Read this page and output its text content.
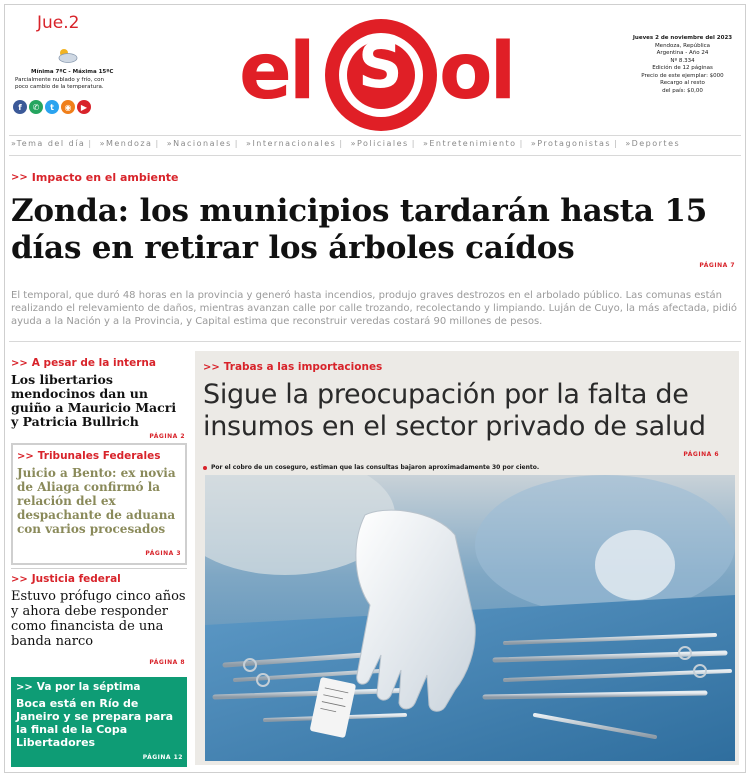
Jue.2
Mínima 7ºC - Máxima 15ºC
Parcialmente nublado y frío, con poco cambio de la temperatura.
f	✆	t	◉	▶ el S ol	Jueves 2 de noviembre del 2023
Mendoza, República
Argentina - Año 24
Nº 8.334
Edición de 12 páginas
Precio de este ejemplar: $000
Recargo al resto
del país: $0,00
»Tema del día | »Mendoza | »Nacionales | »Internacionales | »Policiales | »Entretenimiento | »Protagonistas | »Deportes
>> Impacto en el ambiente
Zonda: los municipios tardarán hasta 15 días en retirar los árboles caídos	PÁGINA 7

El temporal, que duró 48 horas en la provincia y generó hasta incendios, produjo graves destrozos en el arbolado público. Las comunas están realizando el relevamiento de daños, mientras avanzan calle por calle trozando, recolectando y limpiando. Luján de Cuyo, la más afectada, pidió ayuda a la Nación y a la Provincia, y Capital estima que reconstruir veredas costará 90 millones de pesos.

>> A pesar de la interna
Los libertarios mendocinos dan un guiño a Mauricio Macri y Patricia Bullrich
PÁGINA 2
>> Tribunales Federales
Juicio a Bento: ex novia de Aliaga confirmó la relación del ex despachante de aduana con varios procesados
PÁGINA 3
>> Justicia federal
Estuvo prófugo cinco años y ahora debe responder como financista de una banda narco
PÁGINA 8
>> Va por la séptima
Boca está en Río de Janeiro y se prepara para la final de la Copa Libertadores
PÁGINA 12
>> Trabas a las importaciones
Sigue la preocupación por la falta de insumos en el sector privado de salud
PÁGINA 6
Por el cobro de un coseguro, estiman que las consultas bajaron aproximadamente 30 por ciento.
